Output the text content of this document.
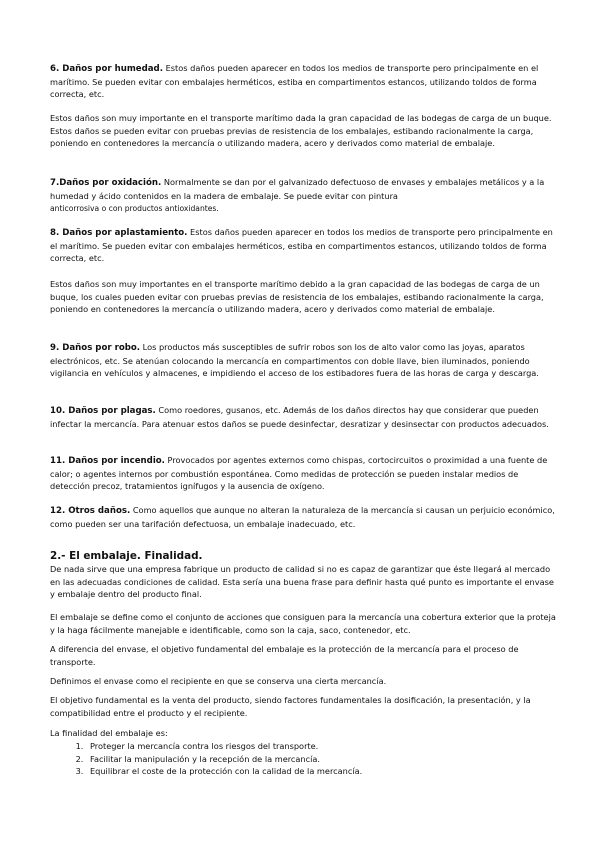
6. Daños por humedad. Estos daños pueden aparecer en todos los medios de transporte pero principalmente en el marítimo. Se pueden evitar con embalajes herméticos, estiba en compartimentos estancos, utilizando toldos de forma correcta, etc.

Estos daños son muy importante en el transporte marítimo dada la gran capacidad de las bodegas de carga de un buque. Estos daños se pueden evitar con pruebas previas de resistencia de los embalajes, estibando racionalmente la carga, poniendo en contenedores la mercancía o utilizando madera, acero y derivados como material de embalaje.

7.Daños por oxidación. Normalmente se dan por el galvanizado defectuoso de envases y embalajes metálicos y a la humedad y ácido contenidos en la madera de embalaje. Se puede evitar con pintura
anticorrosiva o con productos antioxidantes.

8. Daños por aplastamiento. Estos daños pueden aparecer en todos los medios de transporte pero principalmente en el marítimo. Se pueden evitar con embalajes herméticos, estiba en compartimentos estancos, utilizando toldos de forma correcta, etc.

Estos daños son muy importantes en el transporte marítimo debido a la gran capacidad de las bodegas de carga de un buque, los cuales pueden evitar con pruebas previas de resistencia de los embalajes, estibando racionalmente la carga, poniendo en contenedores la mercancía o utilizando madera, acero y derivados como material de embalaje.

9. Daños por robo. Los productos más susceptibles de sufrir robos son los de alto valor como las joyas, aparatos electrónicos, etc. Se atenúan colocando la mercancía en compartimentos con doble llave, bien iluminados, poniendo vigilancia en vehículos y almacenes, e impidiendo el acceso de los estibadores fuera de las horas de carga y descarga.

10. Daños por plagas. Como roedores, gusanos, etc. Además de los daños directos hay que considerar que pueden infectar la mercancía. Para atenuar estos daños se puede desinfectar, desratizar y desinsectar con productos adecuados.

11. Daños por incendio. Provocados por agentes externos como chispas, cortocircuitos o proximidad a una fuente de calor; o agentes internos por combustión espontánea. Como medidas de protección se pueden instalar medios de detección precoz, tratamientos ignífugos y la ausencia de oxígeno.

12. Otros daños. Como aquellos que aunque no alteran la naturaleza de la mercancía si causan un perjuicio económico, como pueden ser una tarifación defectuosa, un embalaje inadecuado, etc.

2.- El embalaje. Finalidad.

De nada sirve que una empresa fabrique un producto de calidad si no es capaz de garantizar que éste llegará al mercado en las adecuadas condiciones de calidad. Esta sería una buena frase para definir hasta qué punto es importante el envase y embalaje dentro del producto final.

El embalaje se define como el conjunto de acciones que consiguen para la mercancía una cobertura exterior que la proteja y la haga fácilmente manejable e identificable, como son la caja, saco, contenedor, etc.

A diferencia del envase, el objetivo fundamental del embalaje es la protección de la mercancía para el proceso de transporte.

Definimos el envase como el recipiente en que se conserva una cierta mercancía.

El objetivo fundamental es la venta del producto, siendo factores fundamentales la dosificación, la presentación, y la compatibilidad entre el producto y el recipiente.

La finalidad del embalaje es:

1. Proteger la mercancía contra los riesgos del transporte.
2. Facilitar la manipulación y la recepción de la mercancía.
3. Equilibrar el coste de la protección con la calidad de la mercancía.
